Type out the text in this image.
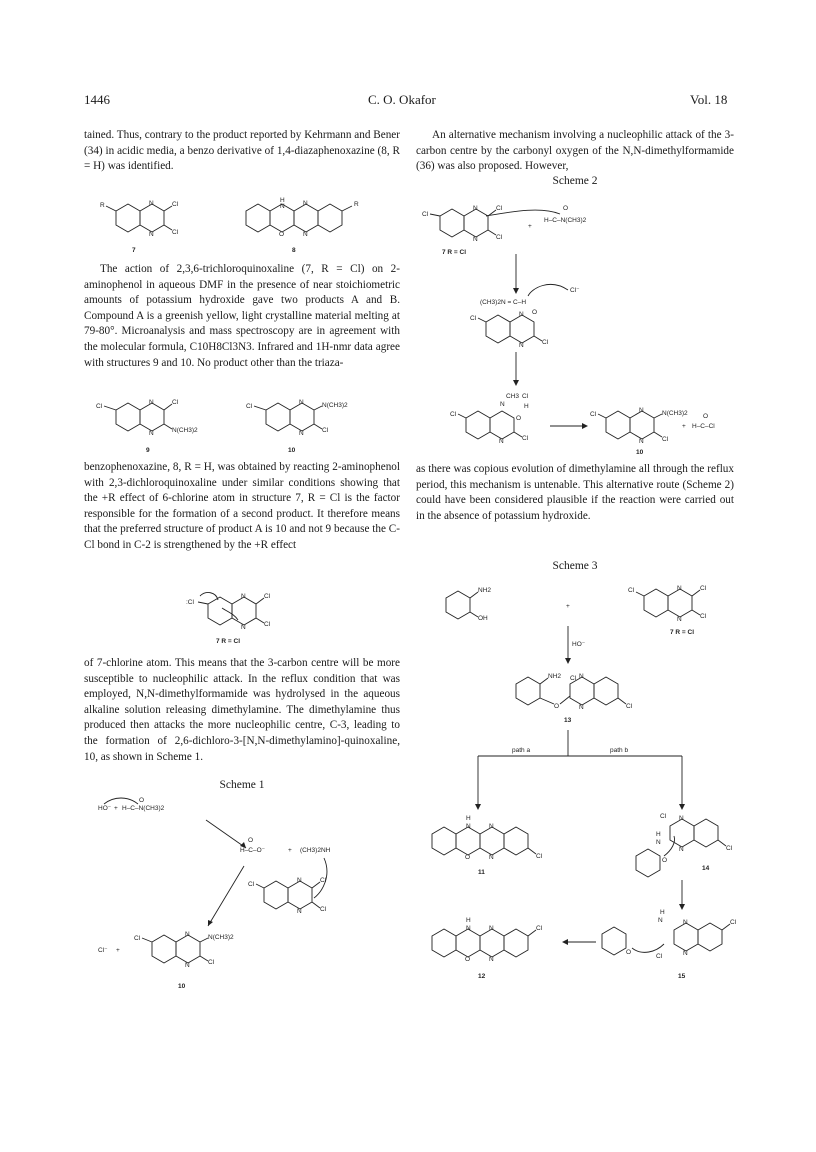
1446	C. O. Okafor	Vol. 18

tained. Thus, contrary to the product reported by Kehrmann and Bener (34) in acidic media, a benzo derivative of 1,4-diazaphenoxazine (8, R = H) was identified.

R	N
N
Cl
Cl
7
H
N
O
N
N
R
8

The action of 2,3,6-trichloroquinoxaline (7, R = Cl) on 2-aminophenol in aqueous DMF in the presence of near stoichiometric amounts of potassium hydroxide gave two products A and B. Compound A is a greenish yellow, light crystalline material melting at 79-80°. Microanalysis and mass spectroscopy are in agreement with the molecular formula, C10H8Cl3N3. Infrared and 1H-nmr data agree with structures 9 and 10. No product other than the triaza-

Cl
N
N
Cl
N(CH3)2
9
Cl
N
N
N(CH3)2
Cl
10

benzophenoxazine, 8, R = H, was obtained by reacting 2-aminophenol with 2,3-dichloroquinoxaline under similar conditions showing that the +R effect of 6-chlorine atom in structure 7, R = Cl is the factor responsible for the formation of a second product. It therefore means that the preferred structure of product A is 10 and not 9 because the C-Cl bond in C-2 is strengthened by the +R effect

:Cl
N
N
Cl
Cl
7 R = Cl

of 7-chlorine atom. This means that the 3-carbon centre will be more susceptible to nucleophilic attack. In the reflux condition that was employed, N,N-dimethylformamide was hydrolysed in the aqueous alkaline solution releasing dimethylamine. The dimethylamine thus produced then attacks the more nucleophilic centre, C-3, leading to the formation of 2,6-dichloro-3-[N,N-dimethylamino]-quinoxaline, 10, as shown in Scheme 1.

Scheme 1
HO⁻ +
O
H–C–N(CH3)2
O
H–C–O⁻	+ (CH3)2NH
Cl
N
N
Cl
Cl
Cl⁻ +
Cl
N
N
N(CH3)2
Cl
10

An alternative mechanism involving a nucleophilic attack of the 3-carbon centre by the carbonyl oxygen of the N,N-dimethylformamide (36) was also proposed. However,

Scheme 2
Cl
N
N
Cl
Cl
7 R = Cl
+
O
H–C–N(CH3)2
(CH3)2N = C–H
Cl⁻
Cl
N
N
O
Cl
CH3 Cl
N	H
Cl
N
O
Cl
Cl
N
N
N(CH3)2
Cl
+
O
H–C–Cl
10

as there was copious evolution of dimethylamine all through the reflux period, this mechanism is untenable. This alternative route (Scheme 2) could have been considered plausible if the reaction were carried out in the absence of potassium hydroxide.

Scheme 3
NH2
OH
+
Cl	N
N
Cl
Cl
7 R = Cl
HO⁻
NH2
O
Cl N
N	Cl
13
path a	path b
H
N
O
N
N	Cl
11
Cl N
N	Cl
H
N
O
14
O
H
N	N
N
Cl
Cl
15
H
N
O
N
N
Cl
12
